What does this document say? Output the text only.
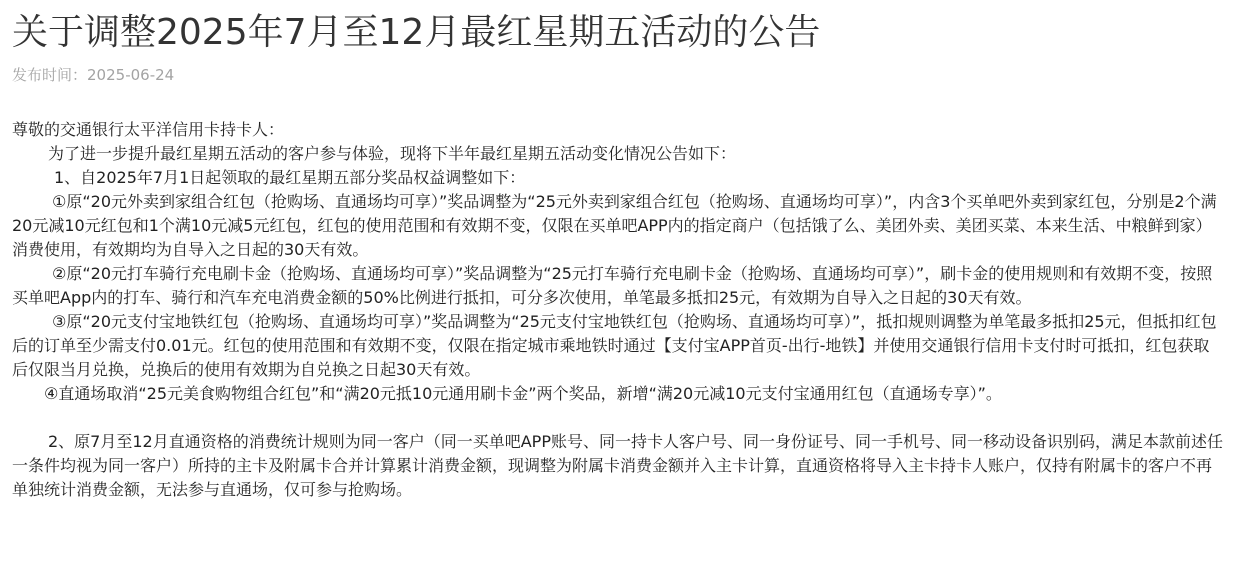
关于调整2025年7月至12月最红星期五活动的公告
发布时间：2025-06-24

尊敬的交通银行太平洋信用卡持卡人：

为了进一步提升最红星期五活动的客户参与体验，现将下半年最红星期五活动变化情况公告如下：

1、自2025年7月1日起领取的最红星期五部分奖品权益调整如下：

①原“20元外卖到家组合红包（抢购场、直通场均可享）”奖品调整为“25元外卖到家组合红包（抢购场、直通场均可享）”，内含3个买单吧外卖到家红包，分别是2个满20元减10元红包和1个满10元减5元红包，红包的使用范围和有效期不变，仅限在买单吧APP内的指定商户（包括饿了么、美团外卖、美团买菜、本来生活、中粮鲜到家）消费使用，有效期均为自导入之日起的30天有效。

②原“20元打车骑行充电刷卡金（抢购场、直通场均可享）”奖品调整为“25元打车骑行充电刷卡金（抢购场、直通场均可享）”，刷卡金的使用规则和有效期不变，按照买单吧App内的打车、骑行和汽车充电消费金额的50%比例进行抵扣，可分多次使用，单笔最多抵扣25元，有效期为自导入之日起的30天有效。

③原“20元支付宝地铁红包（抢购场、直通场均可享）”奖品调整为“25元支付宝地铁红包（抢购场、直通场均可享）”，抵扣规则调整为单笔最多抵扣25元，但抵扣红包后的订单至少需支付0.01元。红包的使用范围和有效期不变，仅限在指定城市乘地铁时通过【支付宝APP首页-出行-地铁】并使用交通银行信用卡支付时可抵扣，红包获取后仅限当月兑换，兑换后的使用有效期为自兑换之日起30天有效。

④直通场取消“25元美食购物组合红包”和“满20元抵10元通用刷卡金”两个奖品，新增“满20元减10元支付宝通用红包（直通场专享）”。

2、原7月至12月直通资格的消费统计规则为同一客户（同一买单吧APP账号、同一持卡人客户号、同一身份证号、同一手机号、同一移动设备识别码，满足本款前述任一条件均视为同一客户）所持的主卡及附属卡合并计算累计消费金额，现调整为附属卡消费金额并入主卡计算，直通资格将导入主卡持卡人账户，仅持有附属卡的客户不再单独统计消费金额，无法参与直通场，仅可参与抢购场。
